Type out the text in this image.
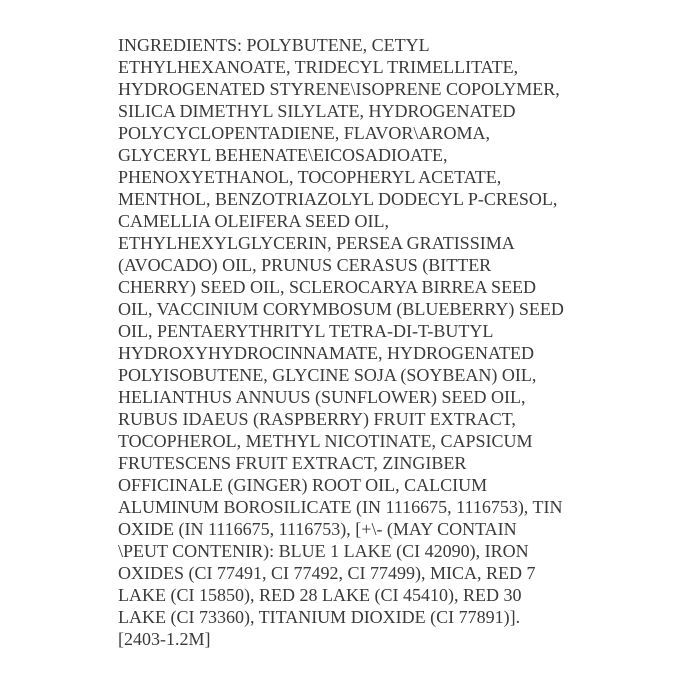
INGREDIENTS: POLYBUTENE, CETYL
ETHYLHEXANOATE, TRIDECYL TRIMELLITATE,
HYDROGENATED STYRENE\ISOPRENE COPOLYMER,
SILICA DIMETHYL SILYLATE, HYDROGENATED
POLYCYCLOPENTADIENE, FLAVOR\AROMA,
GLYCERYL BEHENATE\EICOSADIOATE,
PHENOXYETHANOL, TOCOPHERYL ACETATE,
MENTHOL, BENZOTRIAZOLYL DODECYL P-CRESOL,
CAMELLIA OLEIFERA SEED OIL,
ETHYLHEXYLGLYCERIN, PERSEA GRATISSIMA
(AVOCADO) OIL, PRUNUS CERASUS (BITTER
CHERRY) SEED OIL, SCLEROCARYA BIRREA SEED
OIL, VACCINIUM CORYMBOSUM (BLUEBERRY) SEED
OIL, PENTAERYTHRITYL TETRA-DI-T-BUTYL
HYDROXYHYDROCINNAMATE, HYDROGENATED
POLYISOBUTENE, GLYCINE SOJA (SOYBEAN) OIL,
HELIANTHUS ANNUUS (SUNFLOWER) SEED OIL,
RUBUS IDAEUS (RASPBERRY) FRUIT EXTRACT,
TOCOPHEROL, METHYL NICOTINATE, CAPSICUM
FRUTESCENS FRUIT EXTRACT, ZINGIBER
OFFICINALE (GINGER) ROOT OIL, CALCIUM
ALUMINUM BOROSILICATE (IN 1116675, 1116753), TIN
OXIDE (IN 1116675, 1116753), [+\- (MAY CONTAIN
\PEUT CONTENIR): BLUE 1 LAKE (CI 42090), IRON
OXIDES (CI 77491, CI 77492, CI 77499), MICA, RED 7
LAKE (CI 15850), RED 28 LAKE (CI 45410), RED 30
LAKE (CI 73360), TITANIUM DIOXIDE (CI 77891)].
[2403-1.2M]
